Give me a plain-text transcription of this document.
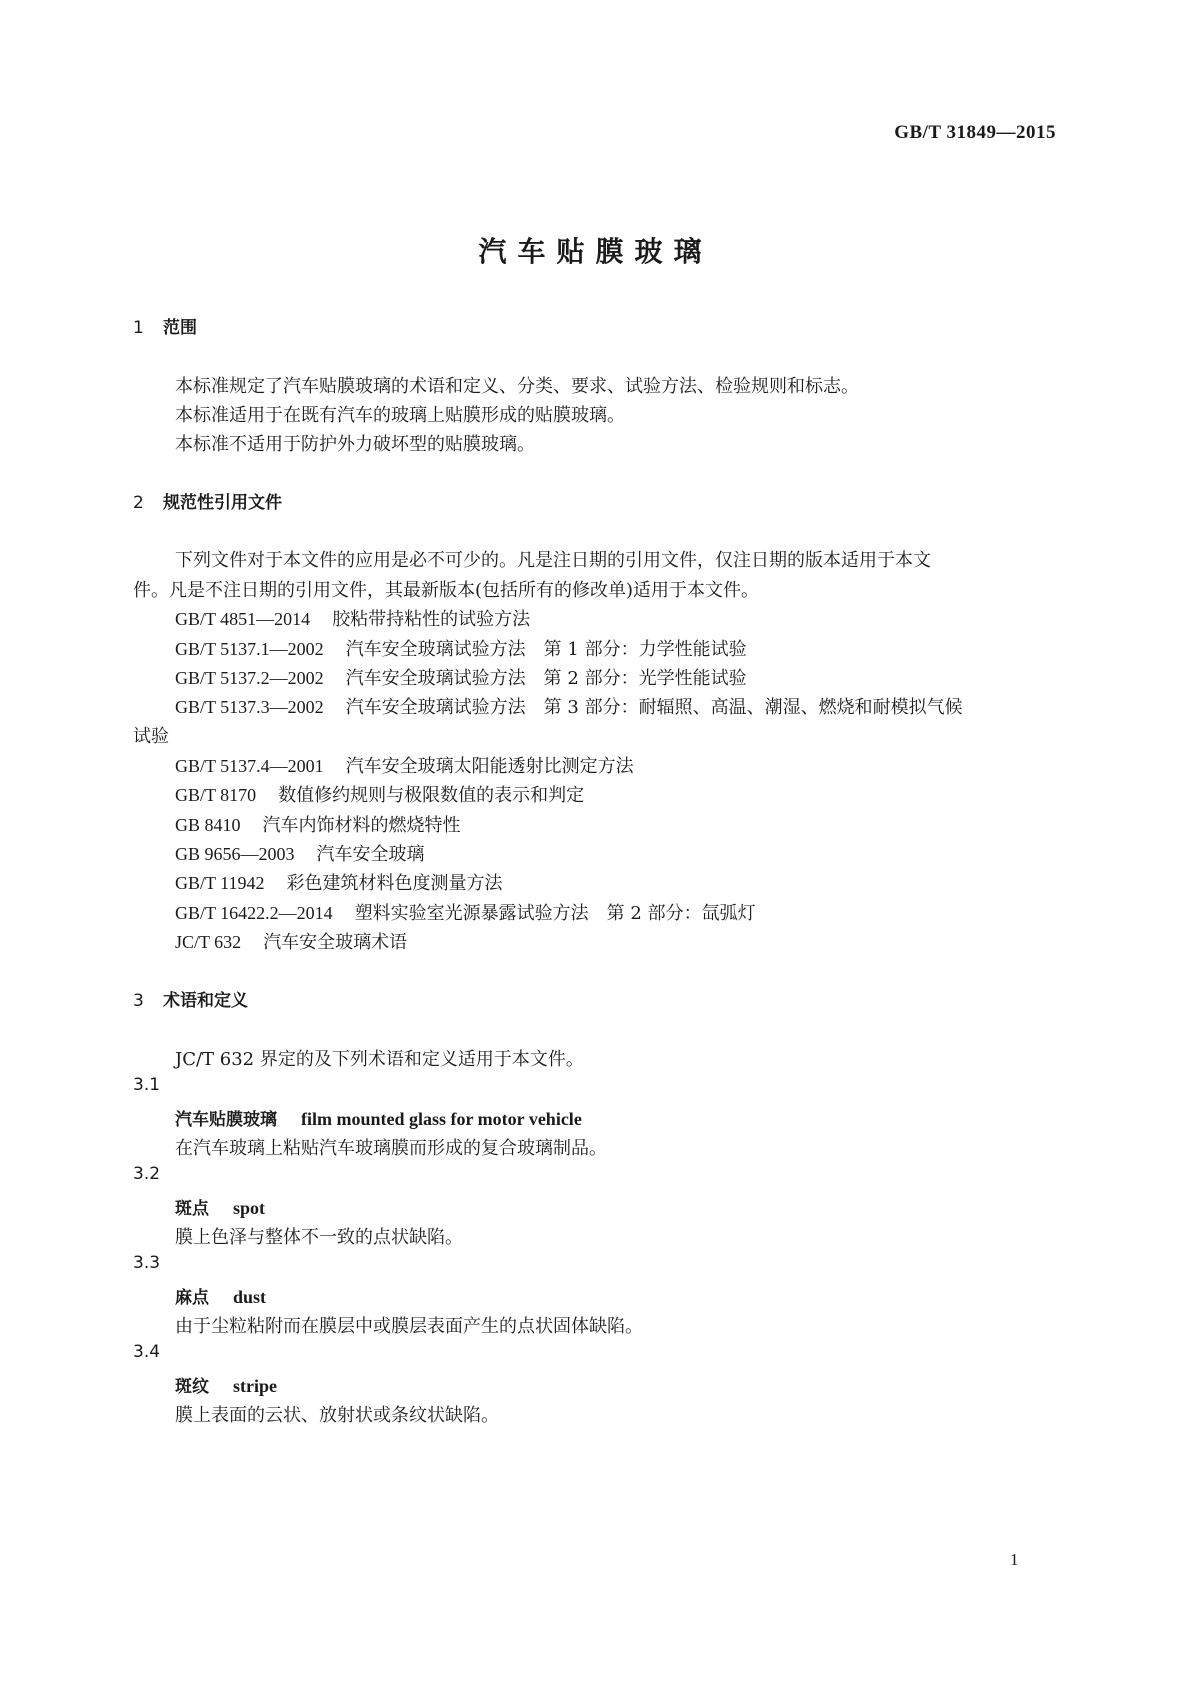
GB/T 31849—2015
汽车贴膜玻璃
1 范围
本标准规定了汽车贴膜玻璃的术语和定义、分类、要求、试验方法、检验规则和标志。
本标准适用于在既有汽车的玻璃上贴膜形成的贴膜玻璃。
本标准不适用于防护外力破坏型的贴膜玻璃。
2 规范性引用文件
下列文件对于本文件的应用是必不可少的。凡是注日期的引用文件，仅注日期的版本适用于本文
件。凡是不注日期的引用文件，其最新版本(包括所有的修改单)适用于本文件。
GB/T 4851—2014 胶粘带持粘性的试验方法
GB/T 5137.1—2002 汽车安全玻璃试验方法　第 1 部分：力学性能试验
GB/T 5137.2—2002 汽车安全玻璃试验方法　第 2 部分：光学性能试验
GB/T 5137.3—2002 汽车安全玻璃试验方法　第 3 部分：耐辐照、高温、潮湿、燃烧和耐模拟气候
试验
GB/T 5137.4—2001 汽车安全玻璃太阳能透射比测定方法
GB/T 8170 数值修约规则与极限数值的表示和判定
GB 8410 汽车内饰材料的燃烧特性
GB 9656—2003 汽车安全玻璃
GB/T 11942 彩色建筑材料色度测量方法
GB/T 16422.2—2014 塑料实验室光源暴露试验方法　第 2 部分：氙弧灯
JC/T 632 汽车安全玻璃术语
3 术语和定义
JC/T 632 界定的及下列术语和定义适用于本文件。
3.1
汽车贴膜玻璃 film mounted glass for motor vehicle
在汽车玻璃上粘贴汽车玻璃膜而形成的复合玻璃制品。
3.2
斑点 spot
膜上色泽与整体不一致的点状缺陷。
3.3
麻点 dust
由于尘粒粘附而在膜层中或膜层表面产生的点状固体缺陷。
3.4
斑纹 stripe
膜上表面的云状、放射状或条纹状缺陷。
1
